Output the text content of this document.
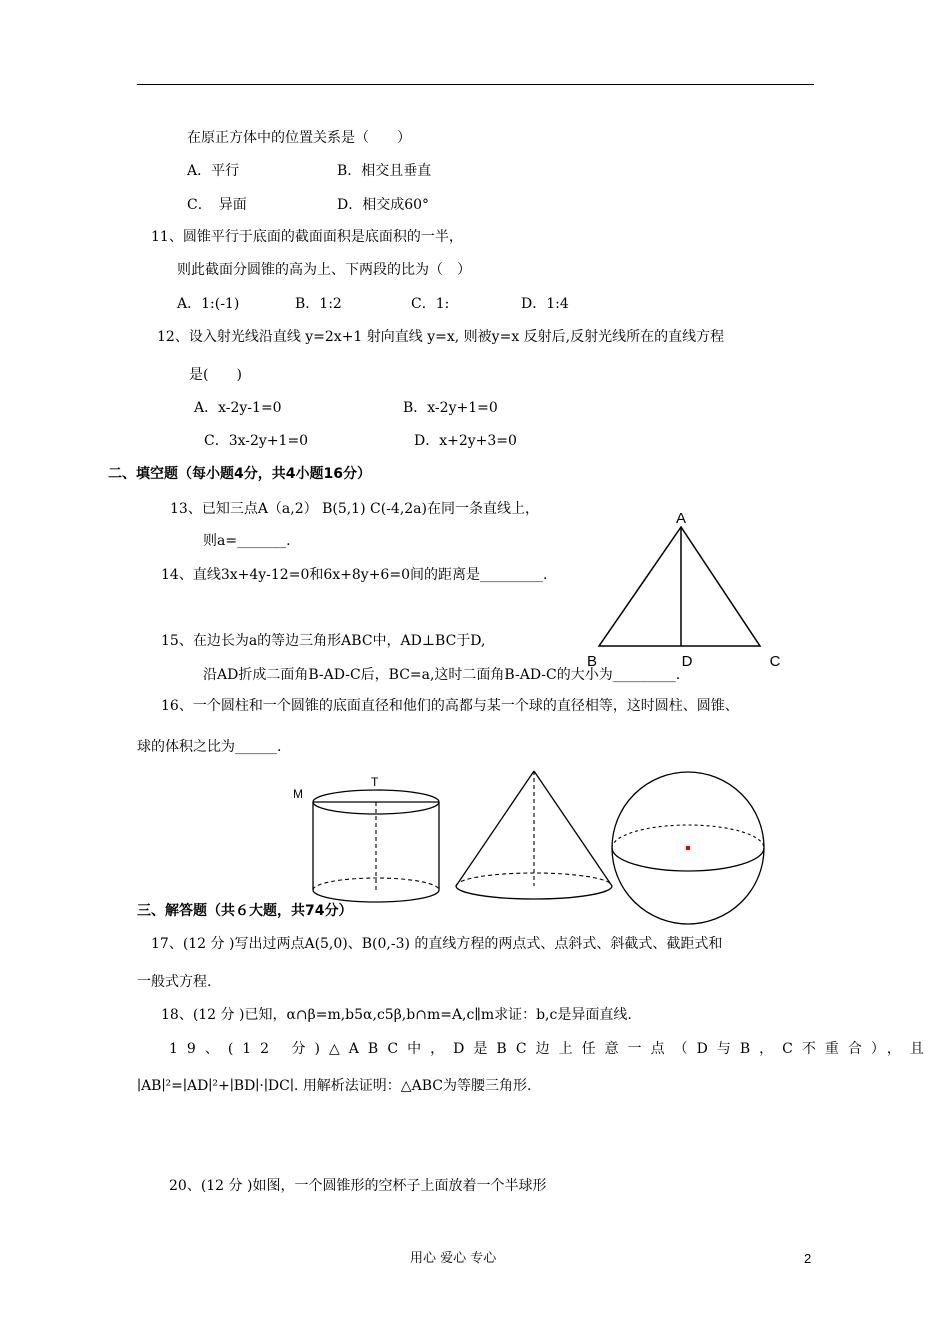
在原正方体中的位置关系是（　　）
A．平行	B．相交且垂直
C．　异面	D．相交成60°
11、圆锥平行于底面的截面面积是底面积的一半，
则此截面分圆锥的高为上、下两段的比为（　）
A．1:(-1)	B．1:2	C．1:	D．1:4
12、设入射光线沿直线 y=2x+1 射向直线 y=x, 则被y=x 反射后,反射光线所在的直线方程
是(　　)
A．x-2y-1=0	B．x-2y+1=0
C．3x-2y+1=0	D．x+2y+3=0
二、填空题（每小题4分，共4小题16分）
13、已知三点A（a,2） B(5,1) C(-4,2a)在同一条直线上，
则a=_______.
14、直线3x+4y-12=0和6x+8y+6=0间的距离是_________.
15、在边长为a的等边三角形ABC中，AD⊥BC于D,
沿AD折成二面角B-AD-C后，BC=a,这时二面角B-AD-C的大小为_________.
A
B	D	C
16、一个圆柱和一个圆锥的底面直径和他们的高都与某一个球的直径相等，这时圆柱、圆锥、
球的体积之比为______.
M
T
三、解答题（共６大题，共74分）
17、(12 分 )写出过两点A(5,0)、B(0,-3) 的直线方程的两点式、点斜式、斜截式、截距式和
一般式方程.
18、(12 分 )已知，α∩β=m,b5α,c5β,b∩m=A,c∥m求证：b,c是异面直线.
19、(12 分)△ABC中，D是BC边上任意一点（D与B，C不重合），且
∣AB∣²=∣AD∣²+∣BD∣·∣DC∣. 用解析法证明：△ABC为等腰三角形.
20、(12 分 )如图，一个圆锥形的空杯子上面放着一个半球形
用心 爱心 专心	2
